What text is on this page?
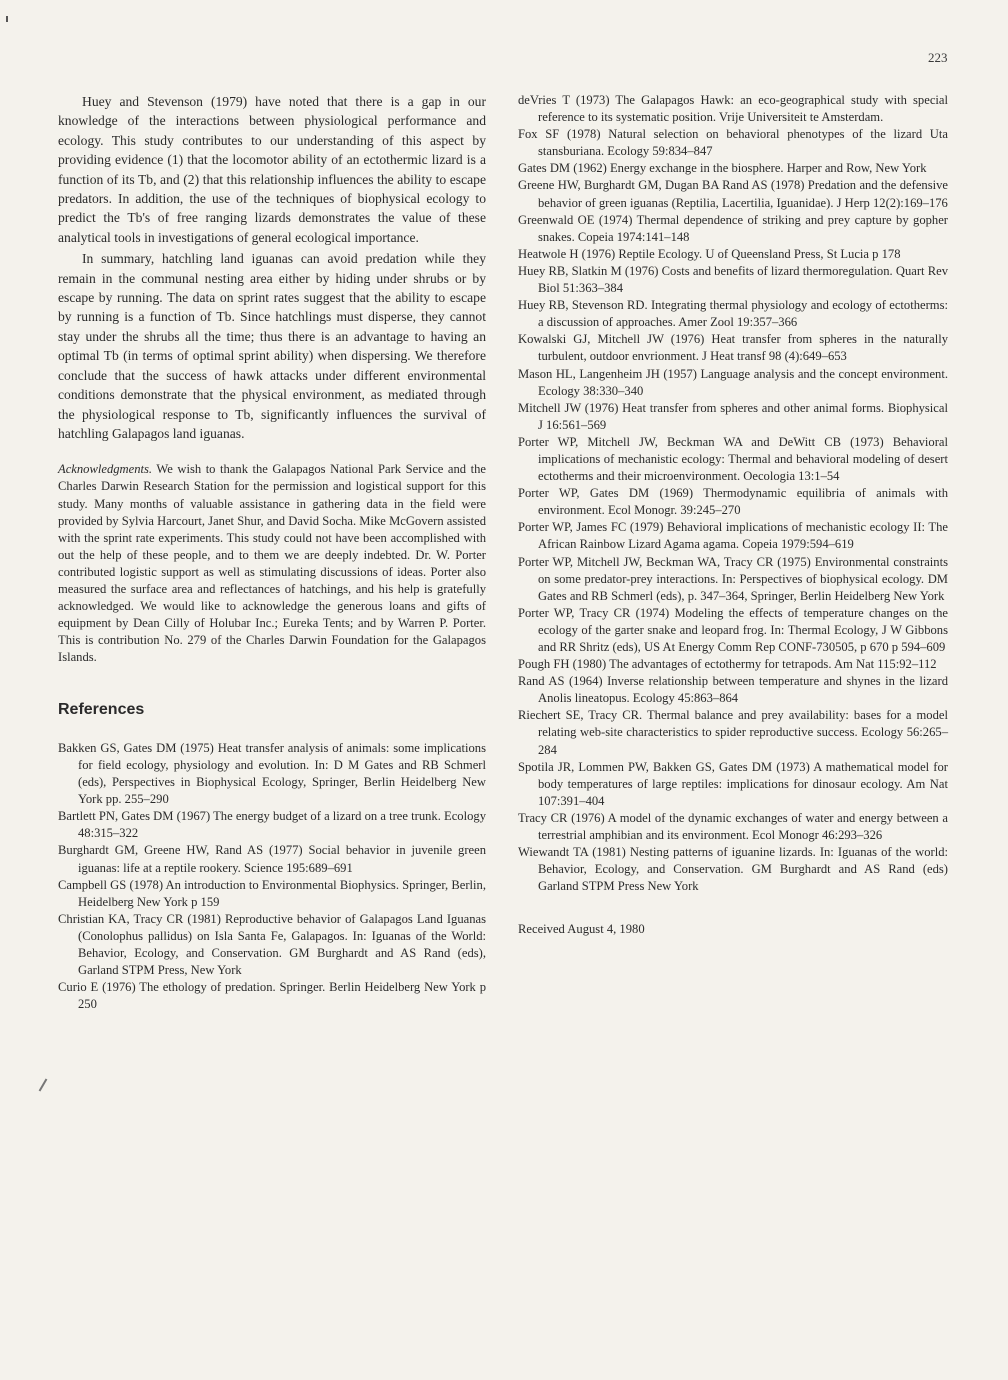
223

Huey and Stevenson (1979) have noted that there is a gap in our knowledge of the interactions between physiological performance and ecology. This study contributes to our understanding of this aspect by providing evidence (1) that the locomotor ability of an ectothermic lizard is a function of its Tb, and (2) that this relationship influences the ability to escape predators. In addition, the use of the techniques of biophysical ecology to predict the Tb's of free ranging lizards demonstrates the value of these analytical tools in investigations of general ecological importance.

In summary, hatchling land iguanas can avoid predation while they remain in the communal nesting area either by hiding under shrubs or by escape by running. The data on sprint rates suggest that the ability to escape by running is a function of Tb. Since hatchlings must disperse, they cannot stay under the shrubs all the time; thus there is an advantage to having an optimal Tb (in terms of optimal sprint ability) when dispersing. We therefore conclude that the success of hawk attacks under different environmental conditions demonstrate that the physical environment, as mediated through the physiological response to Tb, significantly influences the survival of hatchling Galapagos land iguanas.

Acknowledgments. We wish to thank the Galapagos National Park Service and the Charles Darwin Research Station for the permission and logistical support for this study. Many months of valuable assistance in gathering data in the field were provided by Sylvia Harcourt, Janet Shur, and David Socha. Mike McGovern assisted with the sprint rate experiments. This study could not have been accomplished with out the help of these people, and to them we are deeply indebted. Dr. W. Porter contributed logistic support as well as stimulating discussions of ideas. Porter also measured the surface area and reflectances of hatchings, and his help is gratefully acknowledged. We would like to acknowledge the generous loans and gifts of equipment by Dean Cilly of Holubar Inc.; Eureka Tents; and by Warren P. Porter. This is contribution No. 279 of the Charles Darwin Foundation for the Galapagos Islands.

References
Bakken GS, Gates DM (1975) Heat transfer analysis of animals: some implications for field ecology, physiology and evolution. In: D M Gates and RB Schmerl (eds), Perspectives in Biophysical Ecology, Springer, Berlin Heidelberg New York pp. 255–290
Bartlett PN, Gates DM (1967) The energy budget of a lizard on a tree trunk. Ecology 48:315–322
Burghardt GM, Greene HW, Rand AS (1977) Social behavior in juvenile green iguanas: life at a reptile rookery. Science 195:689–691
Campbell GS (1978) An introduction to Environmental Biophysics. Springer, Berlin, Heidelberg New York p 159
Christian KA, Tracy CR (1981) Reproductive behavior of Galapagos Land Iguanas (Conolophus pallidus) on Isla Santa Fe, Galapagos. In: Iguanas of the World: Behavior, Ecology, and Conservation. GM Burghardt and AS Rand (eds), Garland STPM Press, New York
Curio E (1976) The ethology of predation. Springer. Berlin Heidelberg New York p 250
deVries T (1973) The Galapagos Hawk: an eco-geographical study with special reference to its systematic position. Vrije Universiteit te Amsterdam.
Fox SF (1978) Natural selection on behavioral phenotypes of the lizard Uta stansburiana. Ecology 59:834–847
Gates DM (1962) Energy exchange in the biosphere. Harper and Row, New York
Greene HW, Burghardt GM, Dugan BA Rand AS (1978) Predation and the defensive behavior of green iguanas (Reptilia, Lacertilia, Iguanidae). J Herp 12(2):169–176
Greenwald OE (1974) Thermal dependence of striking and prey capture by gopher snakes. Copeia 1974:141–148
Heatwole H (1976) Reptile Ecology. U of Queensland Press, St Lucia p 178
Huey RB, Slatkin M (1976) Costs and benefits of lizard thermoregulation. Quart Rev Biol 51:363–384
Huey RB, Stevenson RD. Integrating thermal physiology and ecology of ectotherms: a discussion of approaches. Amer Zool 19:357–366
Kowalski GJ, Mitchell JW (1976) Heat transfer from spheres in the naturally turbulent, outdoor envrionment. J Heat transf 98 (4):649–653
Mason HL, Langenheim JH (1957) Language analysis and the concept environment. Ecology 38:330–340
Mitchell JW (1976) Heat transfer from spheres and other animal forms. Biophysical J 16:561–569
Porter WP, Mitchell JW, Beckman WA and DeWitt CB (1973) Behavioral implications of mechanistic ecology: Thermal and behavioral modeling of desert ectotherms and their microenvironment. Oecologia 13:1–54
Porter WP, Gates DM (1969) Thermodynamic equilibria of animals with environment. Ecol Monogr. 39:245–270
Porter WP, James FC (1979) Behavioral implications of mechanistic ecology II: The African Rainbow Lizard Agama agama. Copeia 1979:594–619
Porter WP, Mitchell JW, Beckman WA, Tracy CR (1975) Environmental constraints on some predator-prey interactions. In: Perspectives of biophysical ecology. DM Gates and RB Schmerl (eds), p. 347–364, Springer, Berlin Heidelberg New York
Porter WP, Tracy CR (1974) Modeling the effects of temperature changes on the ecology of the garter snake and leopard frog. In: Thermal Ecology, J W Gibbons and RR Shritz (eds), US At Energy Comm Rep CONF-730505, p 670 p 594–609
Pough FH (1980) The advantages of ectothermy for tetrapods. Am Nat 115:92–112
Rand AS (1964) Inverse relationship between temperature and shynes in the lizard Anolis lineatopus. Ecology 45:863–864
Riechert SE, Tracy CR. Thermal balance and prey availability: bases for a model relating web-site characteristics to spider reproductive success. Ecology 56:265–284
Spotila JR, Lommen PW, Bakken GS, Gates DM (1973) A mathematical model for body temperatures of large reptiles: implications for dinosaur ecology. Am Nat 107:391–404
Tracy CR (1976) A model of the dynamic exchanges of water and energy between a terrestrial amphibian and its environment. Ecol Monogr 46:293–326
Wiewandt TA (1981) Nesting patterns of iguanine lizards. In: Iguanas of the world: Behavior, Ecology, and Conservation. GM Burghardt and AS Rand (eds) Garland STPM Press New York
Received August 4, 1980
